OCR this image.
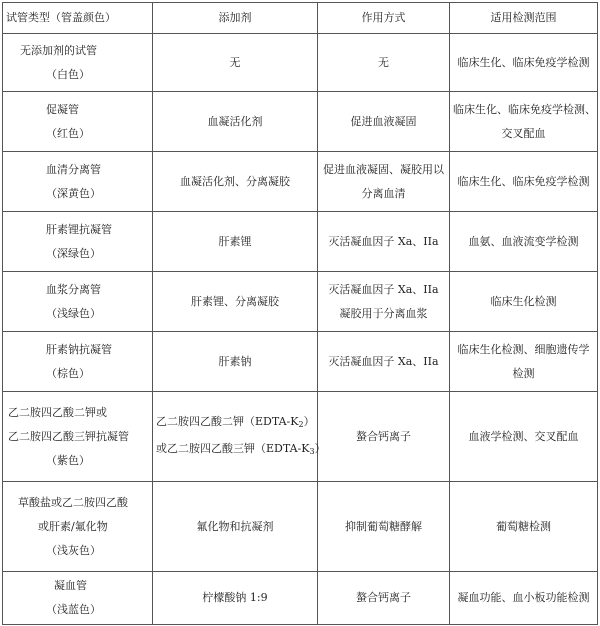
试管类型（管盖颜色）	添加剂	作用方式	适用检测范围

无添加剂的试管
（白色）	无	无	临床生化、临床免疫学检测

促凝管
（红色）	血凝活化剂	促进血液凝固	临床生化、临床免疫学检测、
交叉配血

血清分离管
（深黄色）	血凝活化剂、分离凝胶	促进血液凝固、凝胶用以
分离血清	临床生化、临床免疫学检测

肝素锂抗凝管
（深绿色）	肝素锂	灭活凝血因子 Xa、IIa	血氨、血液流变学检测

血浆分离管
（浅绿色）	肝素锂、分离凝胶	灭活凝血因子 Xa、IIa
凝胶用于分离血浆	临床生化检测

肝素钠抗凝管
（棕色）	肝素钠	灭活凝血因子 Xa、IIa	临床生化检测、细胞遗传学
检测

乙二胺四乙酸二钾或
乙二胺四乙酸三钾抗凝管
（紫色）	乙二胺四乙酸二钾$(EDTA-K_2)$
或乙二胺四乙酸三钾$(EDTA-K_3)$	螯合钙离子	血液学检测、交叉配血

草酸盐或乙二胺四乙酸
或肝素/氟化物
（浅灰色）	氟化物和抗凝剂	抑制葡萄糖酵解	葡萄糖检测

凝血管
（浅蓝色）	柠檬酸钠 1:9	螯合钙离子	凝血功能、血小板功能检测
